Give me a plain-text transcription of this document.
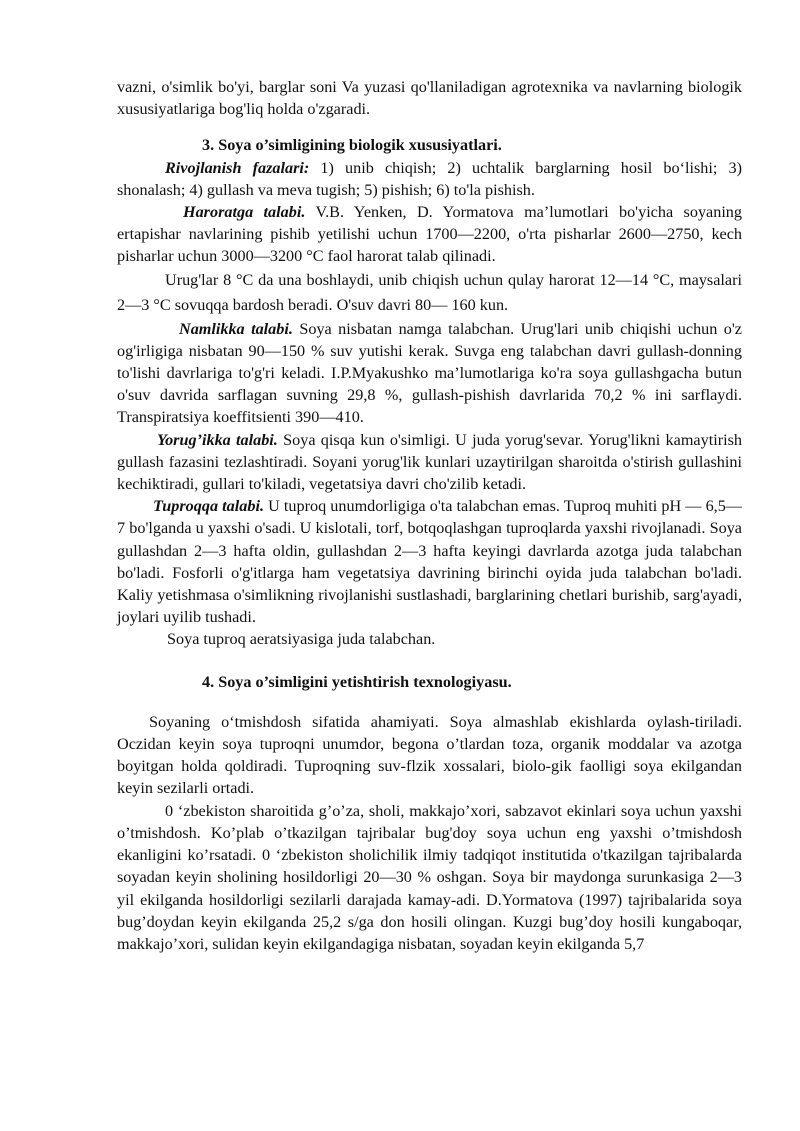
vazni, o'simlik bo'yi, barglar soni Va yuzasi qo'llaniladigan agrotexnika va navlarning biologik xususiyatlariga bog'liq holda o'zgaradi.

3. Soya o’simligining biologik xususiyatlari.

Rivojlanish fazalari: 1) unib chiqish; 2) uchtalik barglarning hosil bo‘lishi; 3) shonalash; 4) gullash va meva tugish; 5) pishish; 6) to'la pishish.

Haroratga talabi. V.B. Yenken, D. Yormatova ma’lumotlari bo'yicha soyaning ertapishar navlarining pishib yetilishi uchun 1700—2200, o'rta pisharlar 2600—2750, kech pisharlar uchun 3000—3200 °C faol harorat talab qilinadi.

Urug'lar 8 °C da una boshlaydi, unib chiqish uchun qulay harorat 12―14 °C, maysalari 2―3 °C sovuqqa bardosh beradi. O'suv davri 80― 160 kun.

Namlikka talabi. Soya nisbatan namga talabchan. Urug'lari unib chiqishi uchun o'z og'irligiga nisbatan 90—150 % suv yutishi kerak. Suvga eng talabchan davri gullash-donning to'lishi davrlariga to'g'ri keladi. I.P.Myakushko ma’lumotlariga ko'ra soya gullashgacha butun o'suv davrida sarflagan suvning 29,8 %, gullash-pishish davrlarida 70,2 % ini sarflaydi. Transpiratsiya koeffitsienti 390—410.

Yorug’ikka talabi. Soya qisqa kun o'simligi. U juda yorug'sevar. Yorug'likni kamaytirish gullash fazasini tezlashtiradi. Soyani yorug'lik kunlari uzaytirilgan sharoitda o'stirish gullashini kechiktiradi, gullari to'kiladi, vegetatsiya davri cho'zilib ketadi.

Tuproqqa talabi. U tuproq unumdorligiga o'ta talabchan emas. Tuproq muhiti pH — 6,5—7 bo'lganda u yaxshi o'sadi. U kislotali, torf, botqoqlashgan tuproqlarda yaxshi rivojlanadi. Soya gullashdan 2—3 hafta oldin, gullashdan 2—3 hafta keyingi davrlarda azotga juda talabchan bo'ladi. Fosforli o'g'itlarga ham vegetatsiya davrining birinchi oyida juda talabchan bo'ladi. Kaliy yetishmasa o'simlikning rivojlanishi sustlashadi, barglarining chetlari burishib, sarg'ayadi, joylari uyilib tushadi.

Soya tuproq aeratsiyasiga juda talabchan.

4. Soya o’simligini yetishtirish texnologiyasu.

Soyaning o‘tmishdosh sifatida ahamiyati. Soya almashlab ekishlarda oylash-tiriladi. Oczidan keyin soya tuproqni unumdor, begona o’tlardan toza, organik moddalar va azotga boyitgan holda qoldiradi. Tuproqning suv-flzik xossalari, biolo-gik faolligi soya ekilgandan keyin sezilarli ortadi.

0 ‘zbekiston sharoitida g’o’za, sholi, makkajo’xori, sabzavot ekinlari soya uchun yaxshi o’tmishdosh. Ko’plab o’tkazilgan tajribalar bug'doy soya uchun eng yaxshi o’tmishdosh ekanligini ko’rsatadi. 0 ‘zbekiston sholichilik ilmiy tadqiqot institutida o'tkazilgan tajribalarda soyadan keyin sholining hosildorligi 20—30 % oshgan. Soya bir maydonga surunkasiga 2—3 yil ekilganda hosildorligi sezilarli darajada kamay-adi. D.Yormatova (1997) tajribalarida soya bug’doydan keyin ekilganda 25,2 s/ga don hosili olingan. Kuzgi bug’doy hosili kungaboqar, makkajo’xori, sulidan keyin ekilgandagiga nisbatan, soyadan keyin ekilganda 5,7
